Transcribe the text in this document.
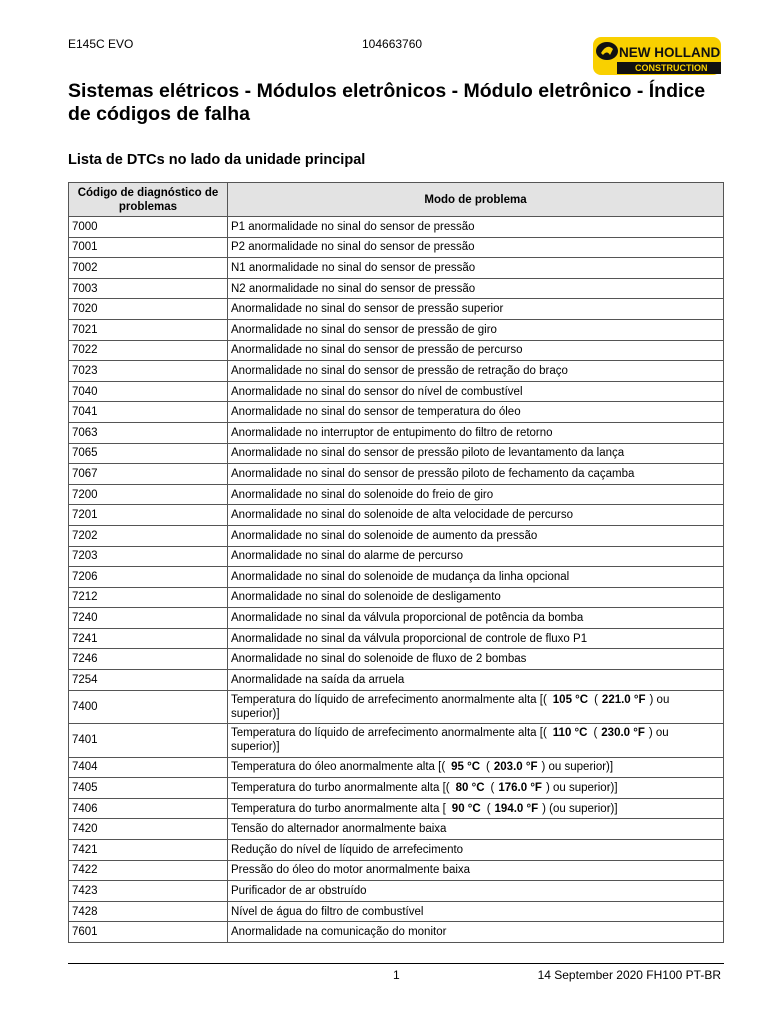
E145C EVO	104663760
NEW HOLLAND
CONSTRUCTION
Sistemas elétricos - Módulos eletrônicos - Módulo eletrônico - Índice de códigos de falha
Lista de DTCs no lado da unidade principal
Código de diagnóstico de problemas	Modo de problema
7000	P1 anormalidade no sinal do sensor de pressão
7001	P2 anormalidade no sinal do sensor de pressão
7002	N1 anormalidade no sinal do sensor de pressão
7003	N2 anormalidade no sinal do sensor de pressão
7020	Anormalidade no sinal do sensor de pressão superior
7021	Anormalidade no sinal do sensor de pressão de giro
7022	Anormalidade no sinal do sensor de pressão de percurso
7023	Anormalidade no sinal do sensor de pressão de retração do braço
7040	Anormalidade no sinal do sensor do nível de combustível
7041	Anormalidade no sinal do sensor de temperatura do óleo
7063	Anormalidade no interruptor de entupimento do filtro de retorno
7065	Anormalidade no sinal do sensor de pressão piloto de levantamento da lança
7067	Anormalidade no sinal do sensor de pressão piloto de fechamento da caçamba
7200	Anormalidade no sinal do solenoide do freio de giro
7201	Anormalidade no sinal do solenoide de alta velocidade de percurso
7202	Anormalidade no sinal do solenoide de aumento da pressão
7203	Anormalidade no sinal do alarme de percurso
7206	Anormalidade no sinal do solenoide de mudança da linha opcional
7212	Anormalidade no sinal do solenoide de desligamento
7240	Anormalidade no sinal da válvula proporcional de potência da bomba
7241	Anormalidade no sinal da válvula proporcional de controle de fluxo P1
7246	Anormalidade no sinal do solenoide de fluxo de 2 bombas
7254	Anormalidade na saída da arruela
7400	Temperatura do líquido de arrefecimento anormalmente alta [( 105 °C ( 221.0 °F ) ou superior)]
7401	Temperatura do líquido de arrefecimento anormalmente alta [( 110 °C ( 230.0 °F ) ou superior)]
7404	Temperatura do óleo anormalmente alta [( 95 °C ( 203.0 °F ) ou superior)]
7405	Temperatura do turbo anormalmente alta [( 80 °C ( 176.0 °F ) ou superior)]
7406	Temperatura do turbo anormalmente alta [ 90 °C ( 194.0 °F ) (ou superior)]
7420	Tensão do alternador anormalmente baixa
7421	Redução do nível de líquido de arrefecimento
7422	Pressão do óleo do motor anormalmente baixa
7423	Purificador de ar obstruído
7428	Nível de água do filtro de combustível
7601	Anormalidade na comunicação do monitor
1	14 September 2020 FH100 PT-BR
